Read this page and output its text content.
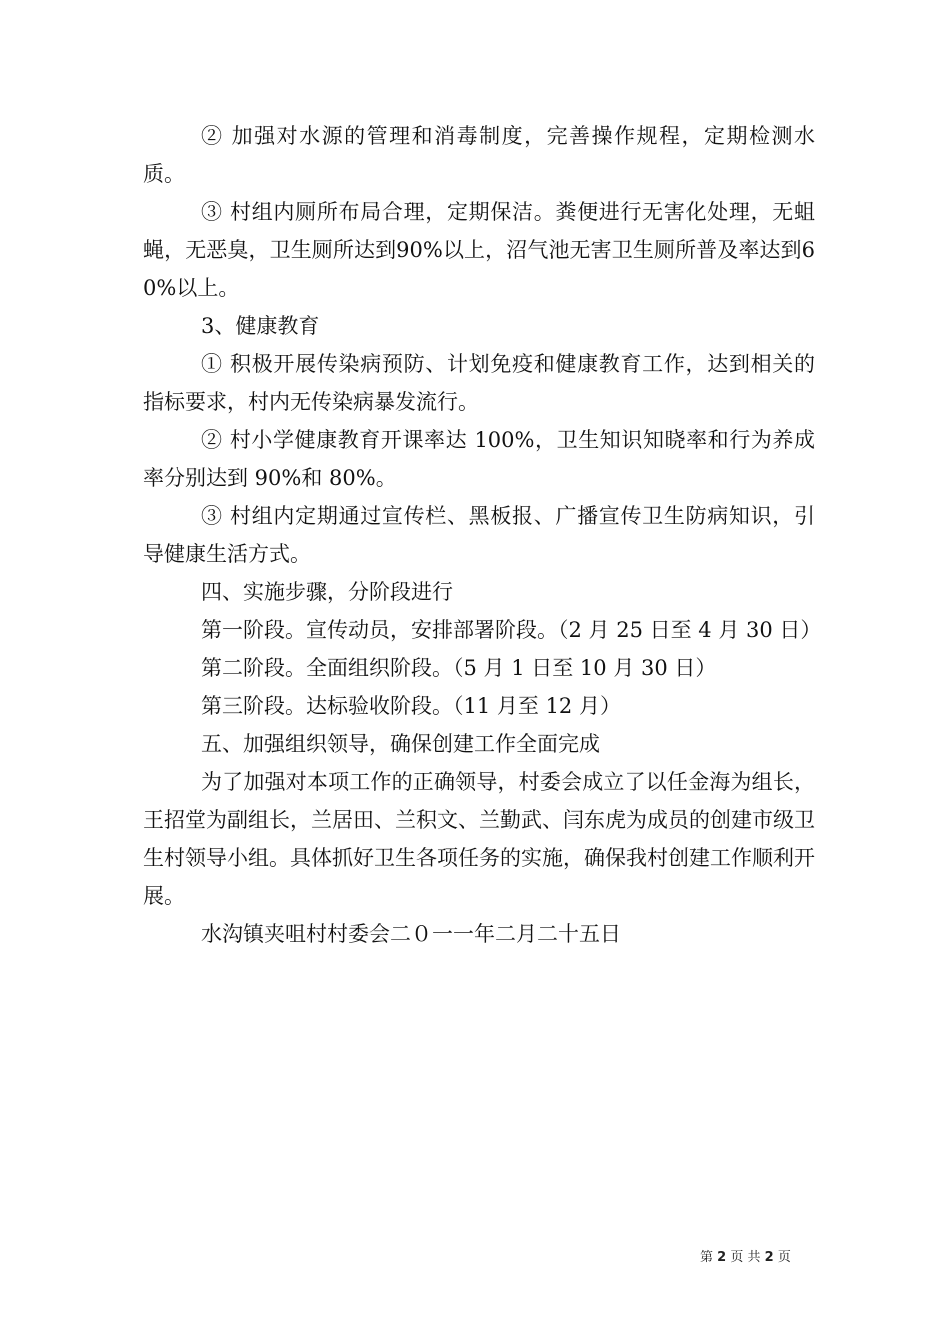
② 加强对水源的管理和消毒制度，完善操作规程，定期检测水质。

③ 村组内厕所布局合理，定期保洁。粪便进行无害化处理，无蛆蝇，无恶臭，卫生厕所达到90%以上，沼气池无害卫生厕所普及率达到60%以上。

3、健康教育

① 积极开展传染病预防、计划免疫和健康教育工作，达到相关的指标要求，村内无传染病暴发流行。

② 村小学健康教育开课率达 100%，卫生知识知晓率和行为养成率分别达到 90%和 80%。

③ 村组内定期通过宣传栏、黑板报、广播宣传卫生防病知识，引导健康生活方式。

四、实施步骤，分阶段进行

第一阶段。宣传动员，安排部署阶段。（2 月 25 日至 4 月 30 日）

第二阶段。全面组织阶段。（5 月 1 日至 10 月 30 日）

第三阶段。达标验收阶段。（11 月至 12 月）

五、加强组织领导，确保创建工作全面完成

为了加强对本项工作的正确领导，村委会成立了以任金海为组长，王招堂为副组长，兰居田、兰积文、兰勤武、闫东虎为成员的创建市级卫生村领导小组。具体抓好卫生各项任务的实施，确保我村创建工作顺利开展。

水沟镇夹咀村村委会二０一一年二月二十五日

第 2 页 共 2 页
